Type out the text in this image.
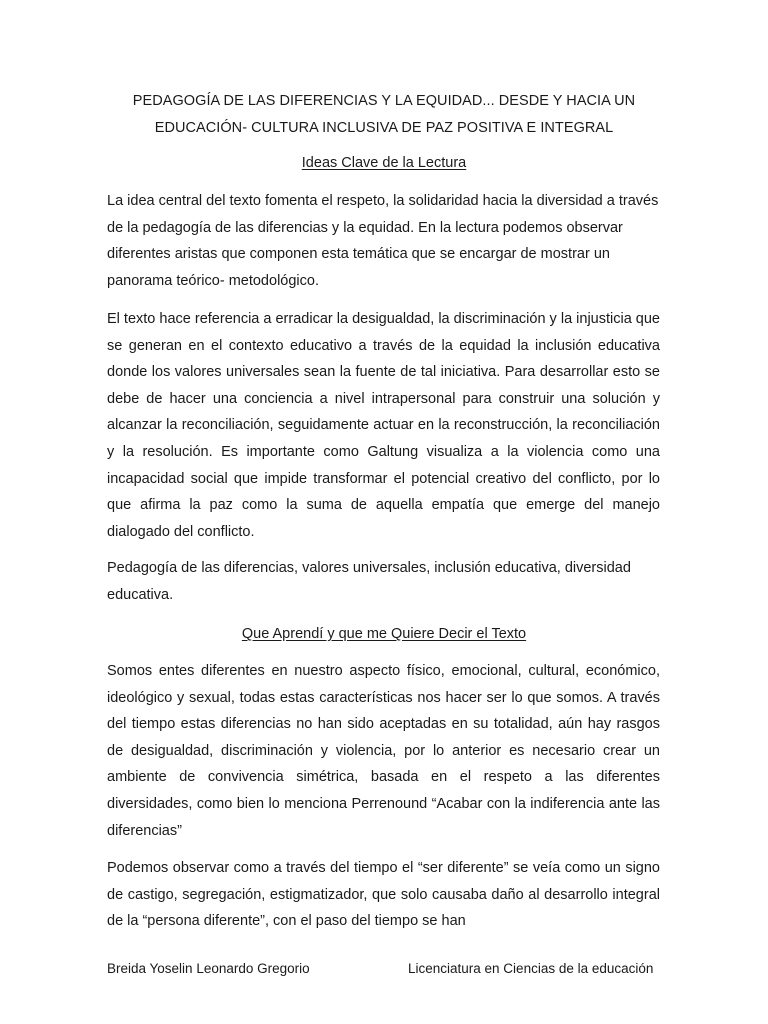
PEDAGOGÍA DE LAS DIFERENCIAS Y LA EQUIDAD... DESDE Y HACIA UN EDUCACIÓN- CULTURA INCLUSIVA DE PAZ POSITIVA E INTEGRAL
Ideas Clave de la Lectura

La idea central del texto fomenta el respeto, la solidaridad hacia la diversidad a través de la pedagogía de las diferencias y la equidad. En la lectura podemos observar diferentes aristas que componen esta temática que se encargar de mostrar un panorama teórico- metodológico.

El texto hace referencia a erradicar la desigualdad, la discriminación y la injusticia que se generan en el contexto educativo a través de la equidad la inclusión educativa donde los valores universales sean la fuente de tal iniciativa. Para desarrollar esto se debe de hacer una conciencia a nivel intrapersonal para construir una solución y alcanzar la reconciliación, seguidamente actuar en la reconstrucción, la reconciliación y la resolución. Es importante como Galtung visualiza a la violencia como una incapacidad social que impide transformar el potencial creativo del conflicto, por lo que afirma la paz como la suma de aquella empatía que emerge del manejo dialogado del conflicto.

Pedagogía de las diferencias, valores universales, inclusión educativa, diversidad educativa.

Que Aprendí y que me Quiere Decir el Texto

Somos entes diferentes en nuestro aspecto físico, emocional, cultural, económico, ideológico y sexual, todas estas características nos hacer ser lo que somos. A través del tiempo estas diferencias no han sido aceptadas en su totalidad, aún hay rasgos de desigualdad, discriminación y violencia, por lo anterior es necesario crear un ambiente de convivencia simétrica, basada en el respeto a las diferentes diversidades, como bien lo menciona Perrenound “Acabar con la indiferencia ante las diferencias”

Podemos observar como a través del tiempo el “ser diferente” se veía como un signo de castigo, segregación, estigmatizador, que solo causaba daño al desarrollo integral de la “persona diferente”, con el paso del tiempo se han

Breida Yoselin Leonardo Gregorio	Licenciatura en Ciencias de la educación
